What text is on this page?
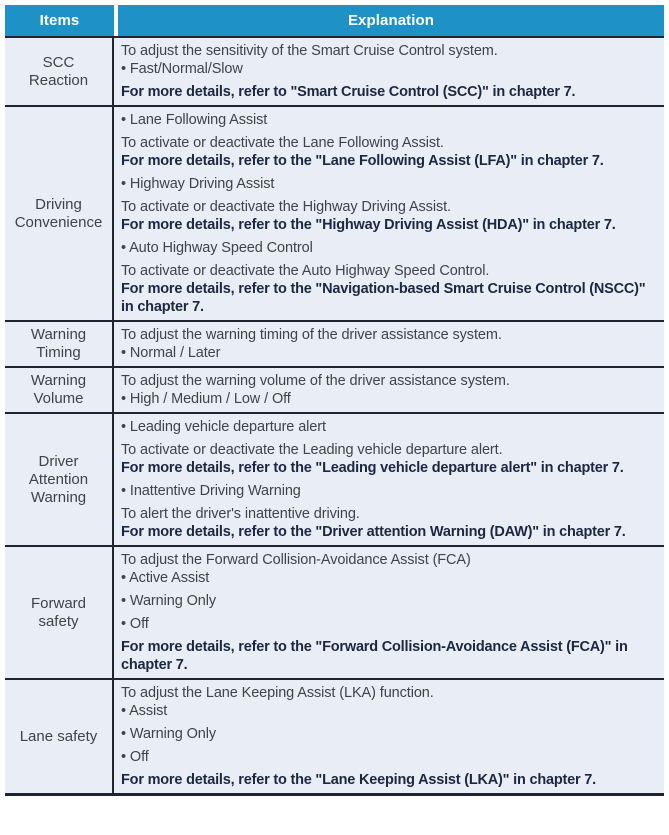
Items	Explanation
SCC
Reaction
To adjust the sensitivity of the Smart Cruise Control system.
• Fast/Normal/Slow
For more details, refer to "Smart Cruise Control (SCC)" in chapter 7.
Driving
Convenience
• Lane Following Assist
To activate or deactivate the Lane Following Assist.
For more details, refer to the "Lane Following Assist (LFA)" in chapter 7.
• Highway Driving Assist
To activate or deactivate the Highway Driving Assist.
For more details, refer to the "Highway Driving Assist (HDA)" in chapter 7.
• Auto Highway Speed Control
To activate or deactivate the Auto Highway Speed Control.
For more details, refer to the "Navigation-based Smart Cruise Control (NSCC)" in chapter 7.
Warning
Timing
To adjust the warning timing of the driver assistance system.
• Normal / Later
Warning
Volume
To adjust the warning volume of the driver assistance system.
• High / Medium / Low / Off
Driver
Attention
Warning
• Leading vehicle departure alert
To activate or deactivate the Leading vehicle departure alert.
For more details, refer to the "Leading vehicle departure alert" in chapter 7.
• Inattentive Driving Warning
To alert the driver's inattentive driving.
For more details, refer to the "Driver attention Warning (DAW)" in chapter 7.
Forward
safety
To adjust the Forward Collision-Avoidance Assist (FCA)
• Active Assist
• Warning Only
• Off
For more details, refer to the "Forward Collision-Avoidance Assist (FCA)" in chapter 7.
Lane safety
To adjust the Lane Keeping Assist (LKA) function.
• Assist
• Warning Only
• Off
For more details, refer to the "Lane Keeping Assist (LKA)" in chapter 7.
